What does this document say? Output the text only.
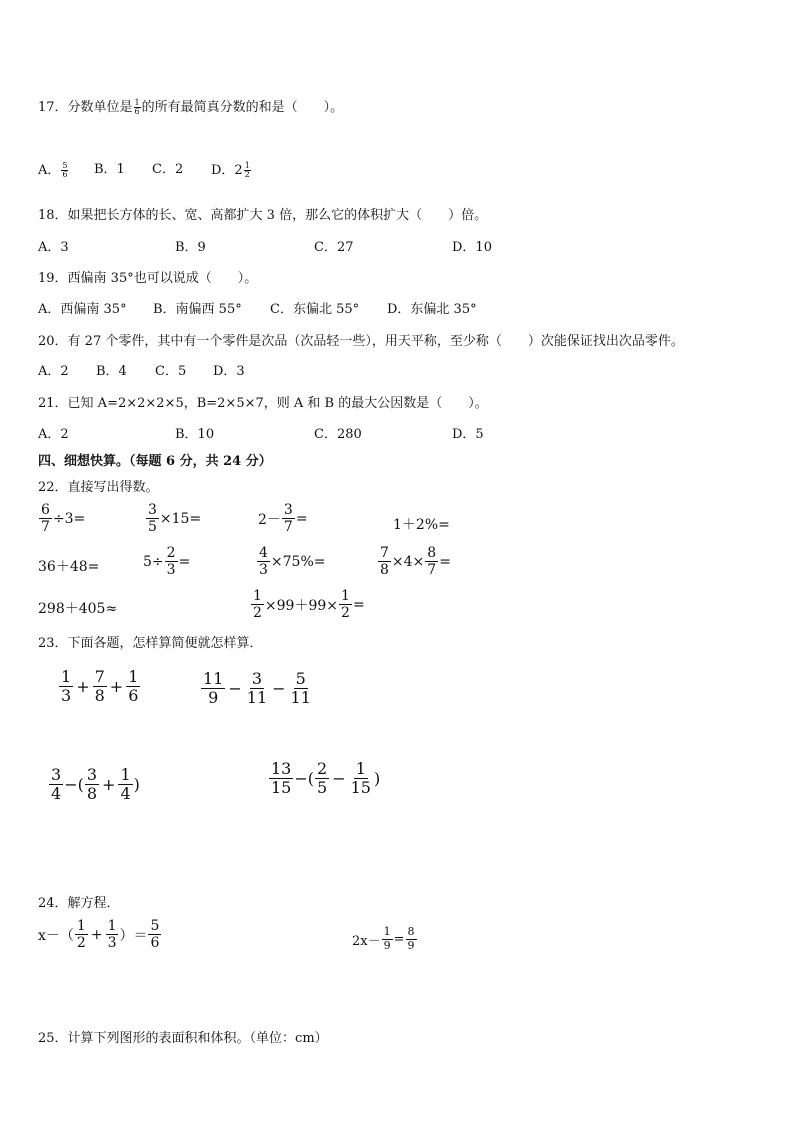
17．分数单位是 $\frac{1}{6}$ 的所有最简真分数的和是（　　）。
A． $\frac{5}{6}$ B．1 C．2 D．$2 \frac{1}{2}$
18．如果把长方体的长、宽、高都扩大 3 倍，那么它的体积扩大（　　）倍。
A．3	B．9	C．27	D．10
19．西偏南 35°也可以说成（　　）。
A．西偏南 35° B．南偏西 55° C．东偏北 55° D．东偏北 35°
20．有 27 个零件，其中有一个零件是次品（次品轻一些），用天平称，至少称（　　）次能保证找出次品零件。
A．2 B．4 C．5 D．3
21．已知 A=2×2×2×5，B=2×5×7，则 A 和 B 的最大公因数是（　　）。
A．2	B．10	C．280	D．5
四、细想快算。（每题 6 分，共 24 分）
22．直接写出得数。
$\frac{6}{7} \div 3=$	$\frac{3}{5} \times 15=$	$2- \frac{3}{7}$ =	1＋2%=
36＋48=	$5\div \frac{2}{3}$ =	$\frac{4}{3} \times 75\%=$	$\frac{7}{8} \times 4\times \frac{8}{7}$ =
298＋405≈	$\frac{1}{2} \times 99+99\times \frac{1}{2}$ =
23．下面各题，怎样算简便就怎样算．
$\frac{1}{3} + \frac{7}{8} + \frac{1}{6}$	$\frac{11}{9} - \frac{3}{11} - \frac{5}{11}$
$\frac{3}{4}$ −( $\frac{3}{8} + \frac{1}{4}$ )	$\frac{13}{15}$ −( $\frac{2}{5} - \frac{1}{15}$ )
24．解方程．
$x-( \frac{1}{2} + \frac{1}{3}$ ）＝ $\frac{5}{6}$	$2x- \frac{1}{9} = \frac{8}{9}$
25．计算下列图形的表面积和体积。（单位：cm）
